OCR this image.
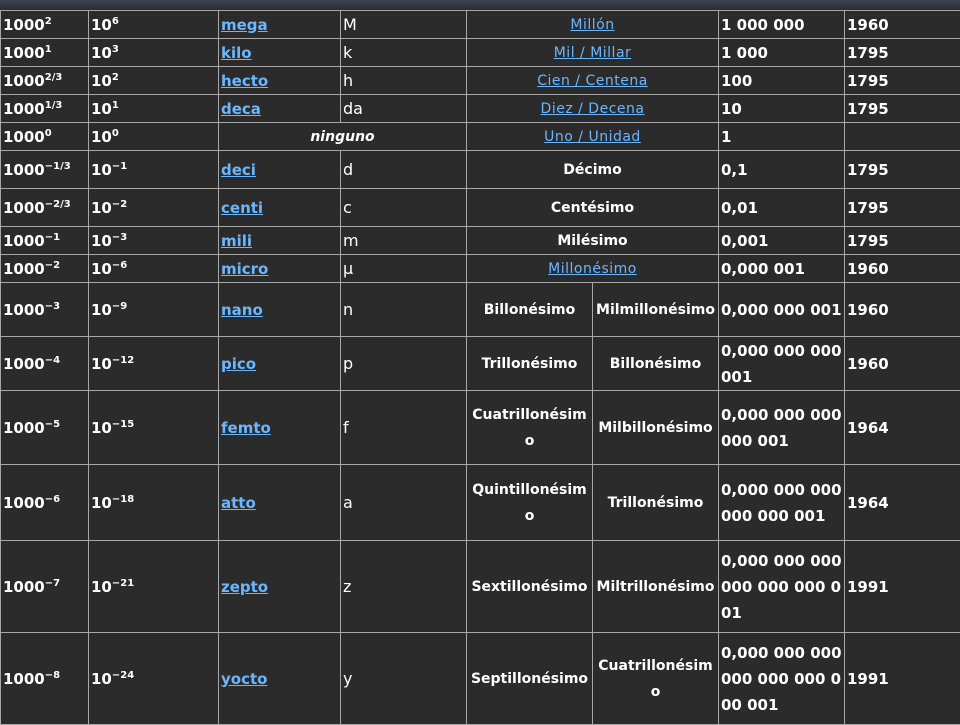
1000$^2$	$10^6$	mega	M	Millón		1 000 000	1960
1000$^1$	$10^3$	kilo	k	Mil / Millar		1 000	1795
$1000^{2/3}$	$10^2$	hecto	h	Cien / Centena		100	1795
$1000^{1/3}$	$10^1$	deca	da	Diez / Decena		10	1795
1000$^0$	$10^0$	ninguno		Uno / Unidad		1	
$1000^{-1/3}$	$10^{-1}$	deci	d	Décimo		0,1	1795
$1000^{-2/3}$	$10^{-2}$	centi	c	Centésimo		0,01	1795
$1000^{-1}$	$10^{-3}$	mili	m	Milésimo		0,001	1795
$1000^{-2}$	$10^{-6}$	micro	µ	Millonésimo		0,000 001	1960
$1000^{-3}$	$10^{-9}$	nano	n	Billonésimo	Milmillonésimo	0,000 000 001	1960
$1000^{-4}$	$10^{-12}$	pico	p	Trillonésimo	Billonésimo	0,000 000 000 001	1960
$1000^{-5}$	$10^{-15}$	femto	f	Cuatrillonésimo	Milbillonésimo	0,000 000 000 000 001	1964
$1000^{-6}$	$10^{-18}$	atto	a	Quintillonésimo	Trillonésimo	0,000 000 000 000 000 001	1964
$1000^{-7}$	$10^{-21}$	zepto	z	Sextillonésimo	Miltrillonésimo	0,000 000 000 000 000 000 001	1991
$1000^{-8}$	$10^{-24}$	yocto	y	Septillonésimo	Cuatrillonésimo	0,000 000 000 000 000 000 000 001	1991
